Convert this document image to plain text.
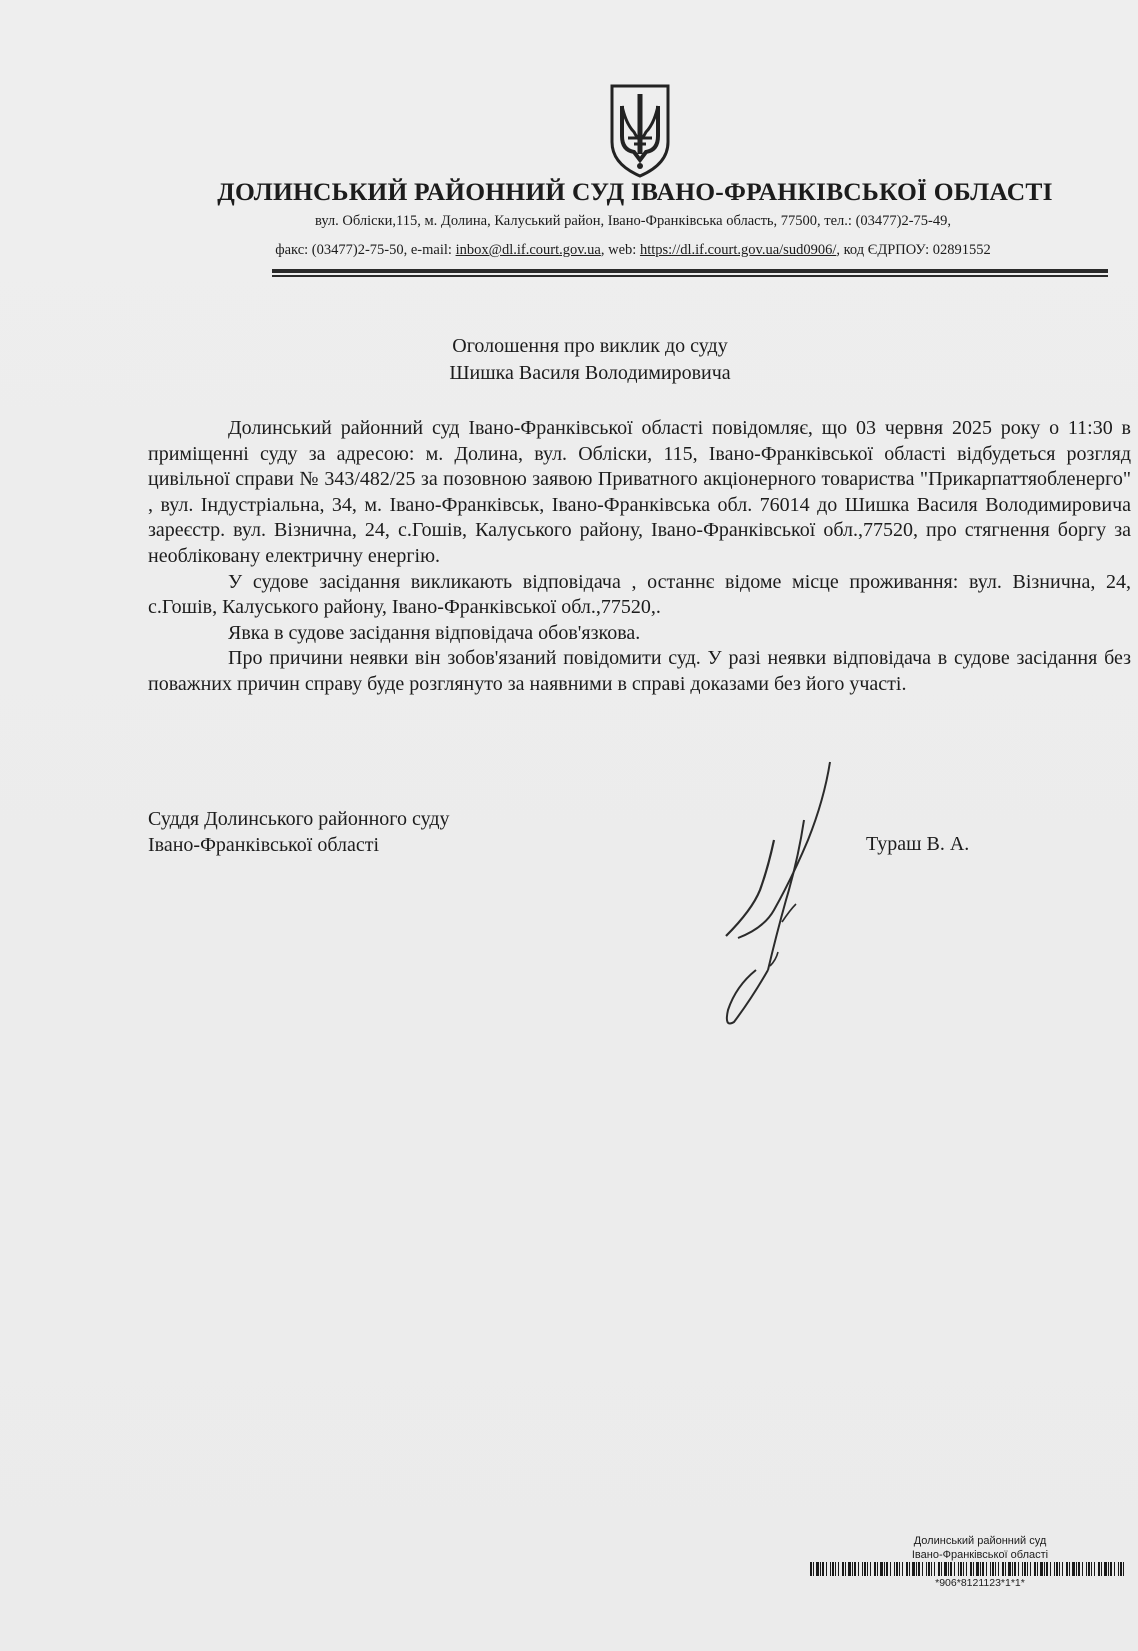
ДОЛИНСЬКИЙ РАЙОННИЙ СУД ІВАНО-ФРАНКІВСЬКОЇ ОБЛАСТІ
вул. Обліски,115, м. Долина, Калуський район, Івано-Франківська область, 77500, тел.: (03477)2-75-49,
факс: (03477)2-75-50, e-mail: inbox@dl.if.court.gov.ua, web: https://dl.if.court.gov.ua/sud0906/, код ЄДРПОУ: 02891552
Оголошення про виклик до суду
Шишка Василя Володимировича

Долинський районний суд Івано-Франківської області повідомляє, що 03 червня 2025 року о 11:30 в приміщенні суду за адресою: м. Долина, вул. Обліски, 115, Івано-Франківської області відбудеться розгляд цивільної справи № 343/482/25 за позовною заявою Приватного акціонерного товариства "Прикарпаттяобленерго" , вул. Індустріальна, 34, м. Івано-Франківськ, Івано-Франківська обл. 76014 до Шишка Василя Володимировича зареєстр. вул. Візнична, 24, с.Гошів, Калуського району, Івано-Франківської обл.,77520, про стягнення боргу за необліковану електричну енергію.

У судове засідання викликають відповідача , останнє відоме місце проживання: вул. Візнична, 24, с.Гошів, Калуського району, Івано-Франківської обл.,77520,.

Явка в судове засідання відповідача обов'язкова.

Про причини неявки він зобов'язаний повідомити суд. У разі неявки відповідача в судове засідання без поважних причин справу буде розглянуто за наявними в справі доказами без його участі.

Суддя Долинського районного суду
Івано-Франківської області	Тураш В. А.
Долинський районний суд
Івано-Франківської області
*906*8121123*1*1*
